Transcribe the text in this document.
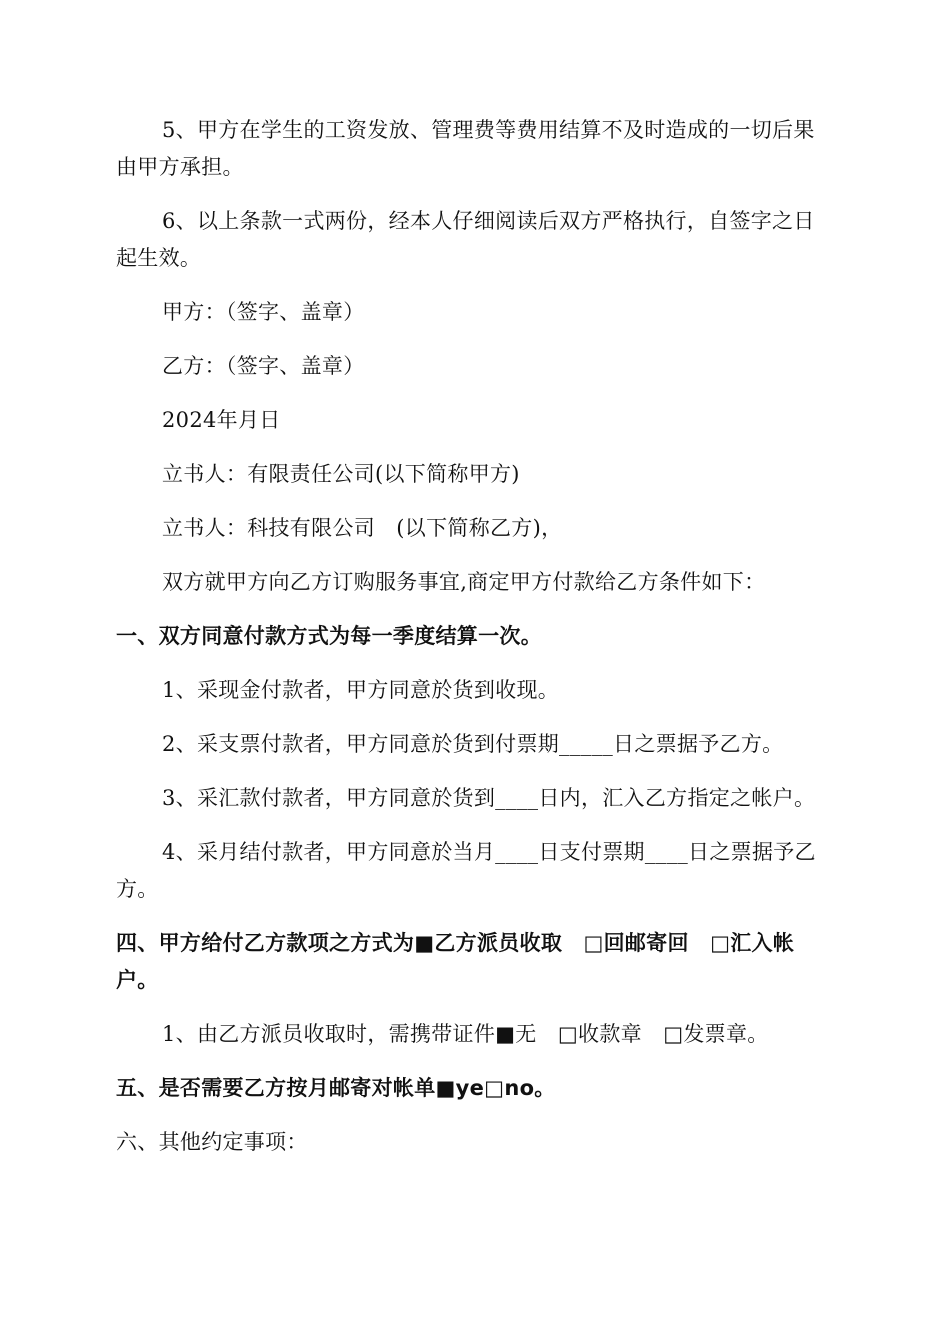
5、甲方在学生的工资发放、管理费等费用结算不及时造成的一切后果由甲方承担。

6、以上条款一式两份，经本人仔细阅读后双方严格执行，自签字之日起生效。

甲方：（签字、盖章）

乙方：（签字、盖章）

2024年月日

立书人：有限责任公司(以下简称甲方)

立书人：科技有限公司　(以下简称乙方)，

双方就甲方向乙方订购服务事宜,商定甲方付款给乙方条件如下：

一、双方同意付款方式为每一季度结算一次。

1、采现金付款者，甲方同意於货到收现。

2、采支票付款者，甲方同意於货到付票期_____日之票据予乙方。

3、采汇款付款者，甲方同意於货到____日内，汇入乙方指定之帐户。

4、采月结付款者，甲方同意於当月____日支付票期____日之票据予乙方。

四、甲方给付乙方款项之方式为■乙方派员收取　□回邮寄回　□汇入帐户。

1、由乙方派员收取时，需携带证件■无　□收款章　□发票章。

五、是否需要乙方按月邮寄对帐单■ye□no。

六、其他约定事项：
